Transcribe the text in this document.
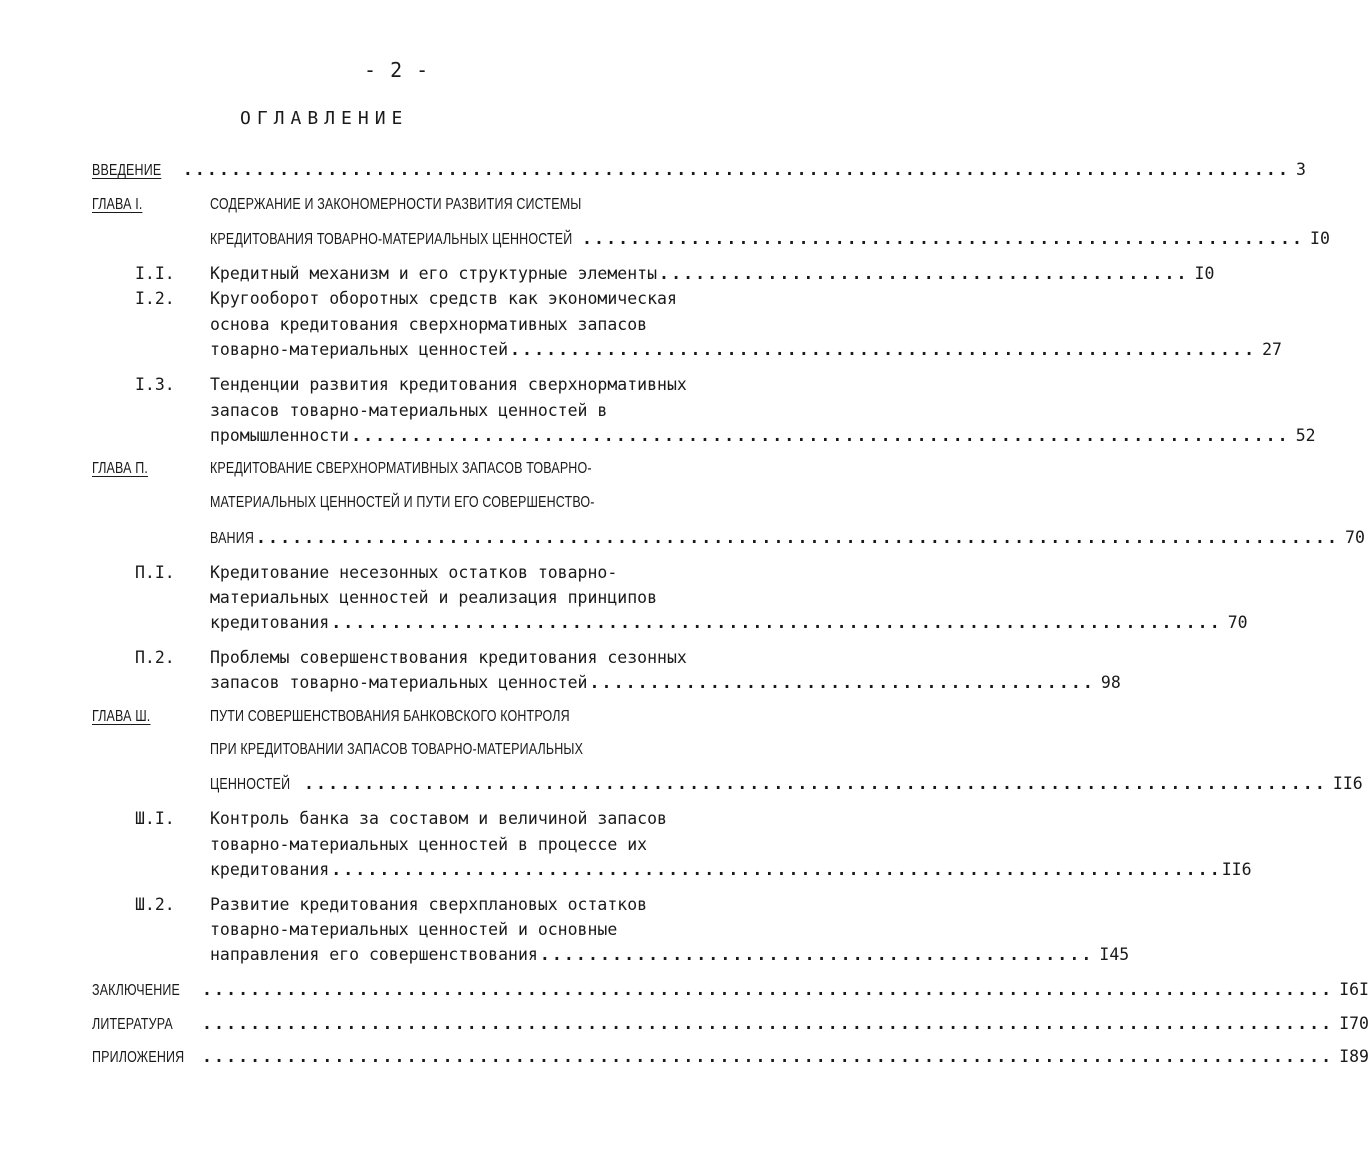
- 2 -
ОГЛАВЛЕНИЕ
ВВЕДЕНИЕ ............................................................................................ 3
ГЛАВА I.	СОДЕРЖАНИЕ И ЗАКОНОМЕРНОСТИ РАЗВИТИЯ СИСТЕМЫ
КРЕДИТОВАНИЯ ТОВАРНО-МАТЕРИАЛЬНЫХ ЦЕННОСТЕЙ ............................................................ I0
I.I. Кредитный механизм и его структурные элементы ............................................ I0
I.2. Кругооборот оборотных средств как экономическая
основа кредитования сверхнормативных запасов
товарно-материальных ценностей .............................................................. 27
I.3. Тенденции развития кредитования сверхнормативных
запасов товарно-материальных ценностей в
промышленности .............................................................................. 52
ГЛАВА П.	КРЕДИТОВАНИЕ СВЕРХНОРМАТИВНЫХ ЗАПАСОВ ТОВАРНО-
МАТЕРИАЛЬНЫХ ЦЕННОСТЕЙ И ПУТИ ЕГО СОВЕРШЕНСТВО-
ВАНИЯ .......................................................................................... 70
П.I. Кредитование несезонных остатков товарно-
материальных ценностей и реализация принципов
кредитования .......................................................................... 70
П.2. Проблемы совершенствования кредитования сезонных
запасов товарно-материальных ценностей .......................................... 98
ГЛАВА Ш.	ПУТИ СОВЕРШЕНСТВОВАНИЯ БАНКОВСКОГО КОНТРОЛЯ
ПРИ КРЕДИТОВАНИИ ЗАПАСОВ ТОВАРНО-МАТЕРИАЛЬНЫХ
ЦЕННОСТЕЙ ..................................................................................... II6
Ш.I. Контроль банка за составом и величиной запасов
товарно-материальных ценностей в процессе их
кредитования .......................................................................... II6
Ш.2. Развитие кредитования сверхплановых остатков
товарно-материальных ценностей и основные
направления его совершенствования .............................................. I45
ЗАКЛЮЧЕНИЕ .............................................................................................. I6I
ЛИТЕРАТУРА .............................................................................................. I70
ПРИЛОЖЕНИЯ .............................................................................................. I89
